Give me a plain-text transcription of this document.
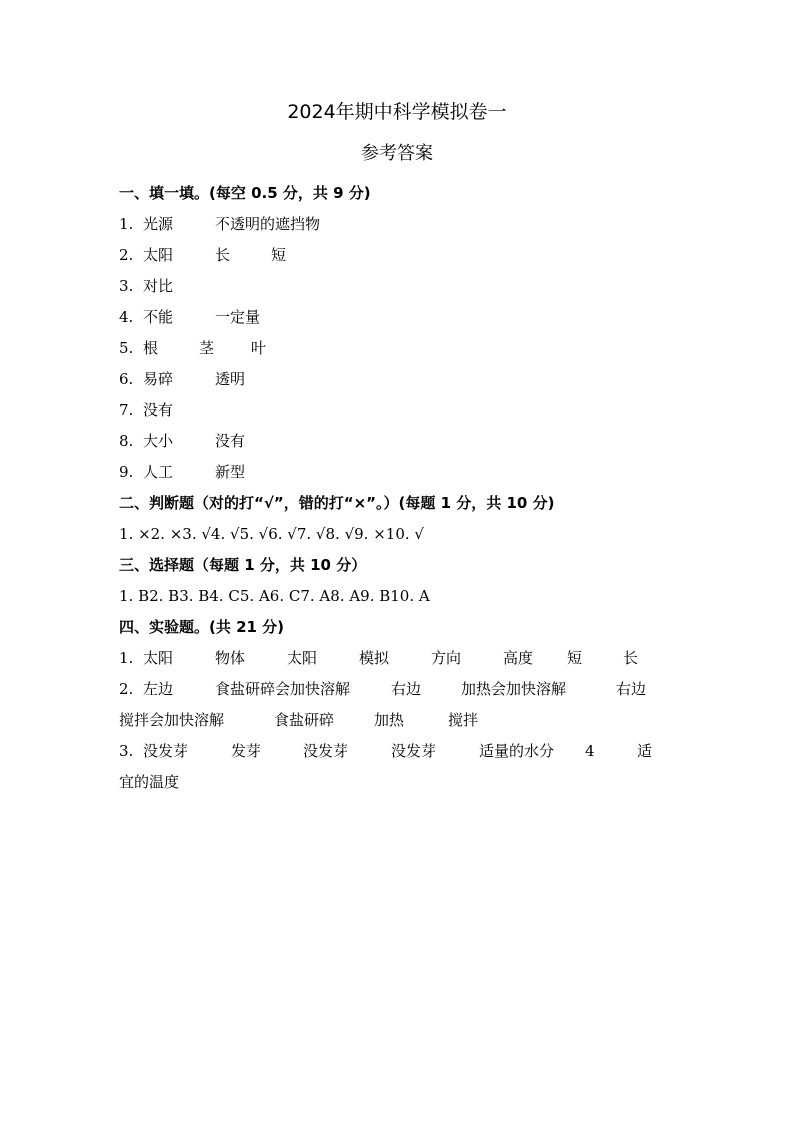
2024年期中科学模拟卷一
参考答案
一、填一填。(每空 0.5 分，共 9 分)
1. 光源	不透明的遮挡物
2. 太阳	长	短
3. 对比
4. 不能	一定量
5. 根	茎 叶
6. 易碎	透明
7. 没有
8. 大小	没有
9. 人工	新型
二、判断题（对的打“√”，错的打“×”。）(每题 1 分，共 10 分)
1. ×2. ×3. √4. √5. √6. √7. √8. √9. ×10. √
三、选择题（每题 1 分，共 10 分）
1. B2. B3. B4. C5. A6. C7. A8. A9. B10. A
四、实验题。(共 21 分)
1. 太阳	物体	太阳	模拟	方向	高度 短	长
2. 左边	食盐研碎会加快溶解	右边	加热会加快溶解	右边
搅拌会加快溶解	食盐研碎	加热	搅拌
3. 没发芽	发芽	没发芽	没发芽	适量的水分 4	适
宜的温度
